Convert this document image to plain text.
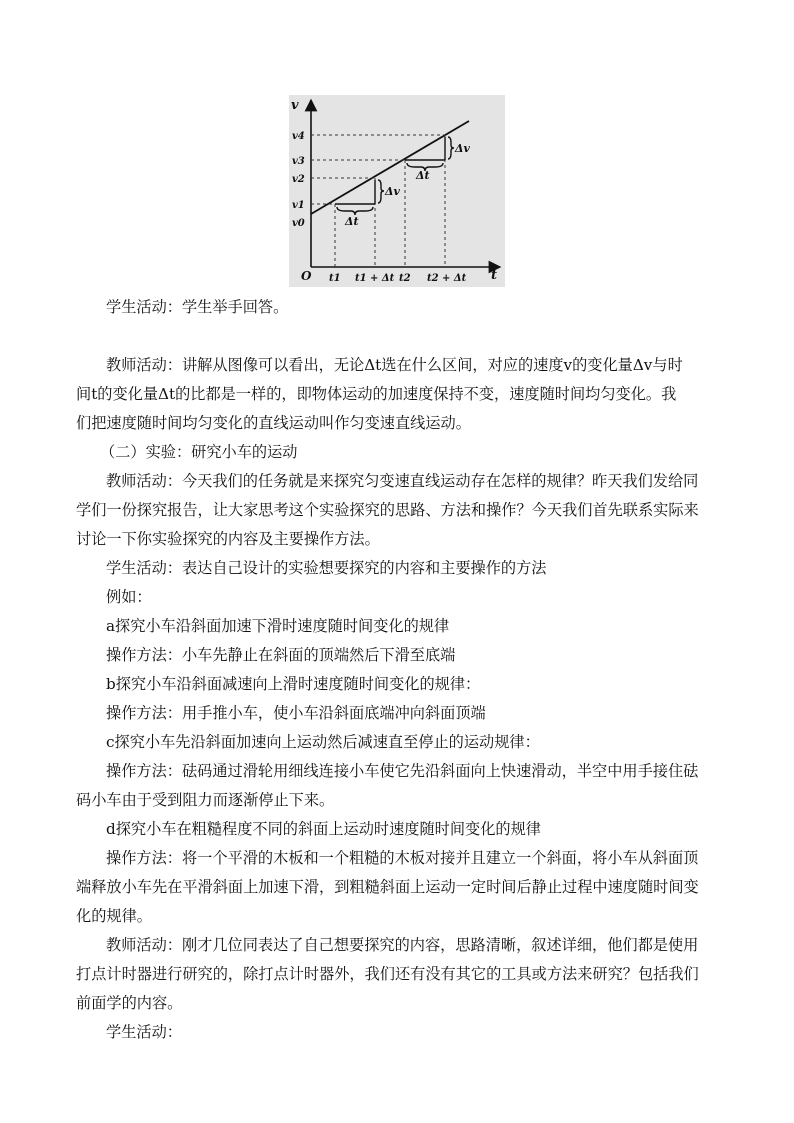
v
t
O
v4
v3
v2
v1
v0
t1 t1 + Δt t2 t2 + Δt
Δv
Δt
Δv
Δt
学生活动：学生举手回答。
教师活动：讲解从图像可以看出，无论Δt选在什么区间，对应的速度v的变化量Δv与时
间t的变化量Δt的比都是一样的，即物体运动的加速度保持不变，速度随时间均匀变化。我
们把速度随时间均匀变化的直线运动叫作匀变速直线运动。
（二）实验：研究小车的运动
教师活动：今天我们的任务就是来探究匀变速直线运动存在怎样的规律？昨天我们发给同
学们一份探究报告，让大家思考这个实验探究的思路、方法和操作？今天我们首先联系实际来
讨论一下你实验探究的内容及主要操作方法。
学生活动：表达自己设计的实验想要探究的内容和主要操作的方法
例如：
a探究小车沿斜面加速下滑时速度随时间变化的规律
操作方法：小车先静止在斜面的顶端然后下滑至底端
b探究小车沿斜面减速向上滑时速度随时间变化的规律：
操作方法：用手推小车，使小车沿斜面底端冲向斜面顶端
c探究小车先沿斜面加速向上运动然后减速直至停止的运动规律：
操作方法：砝码通过滑轮用细线连接小车使它先沿斜面向上快速滑动，半空中用手接住砝
码小车由于受到阻力而逐渐停止下来。
d探究小车在粗糙程度不同的斜面上运动时速度随时间变化的规律
操作方法：将一个平滑的木板和一个粗糙的木板对接并且建立一个斜面，将小车从斜面顶
端释放小车先在平滑斜面上加速下滑，到粗糙斜面上运动一定时间后静止过程中速度随时间变
化的规律。
教师活动：刚才几位同表达了自己想要探究的内容，思路清晰，叙述详细，他们都是使用
打点计时器进行研究的，除打点计时器外，我们还有没有其它的工具或方法来研究？包括我们
前面学的内容。
学生活动：
